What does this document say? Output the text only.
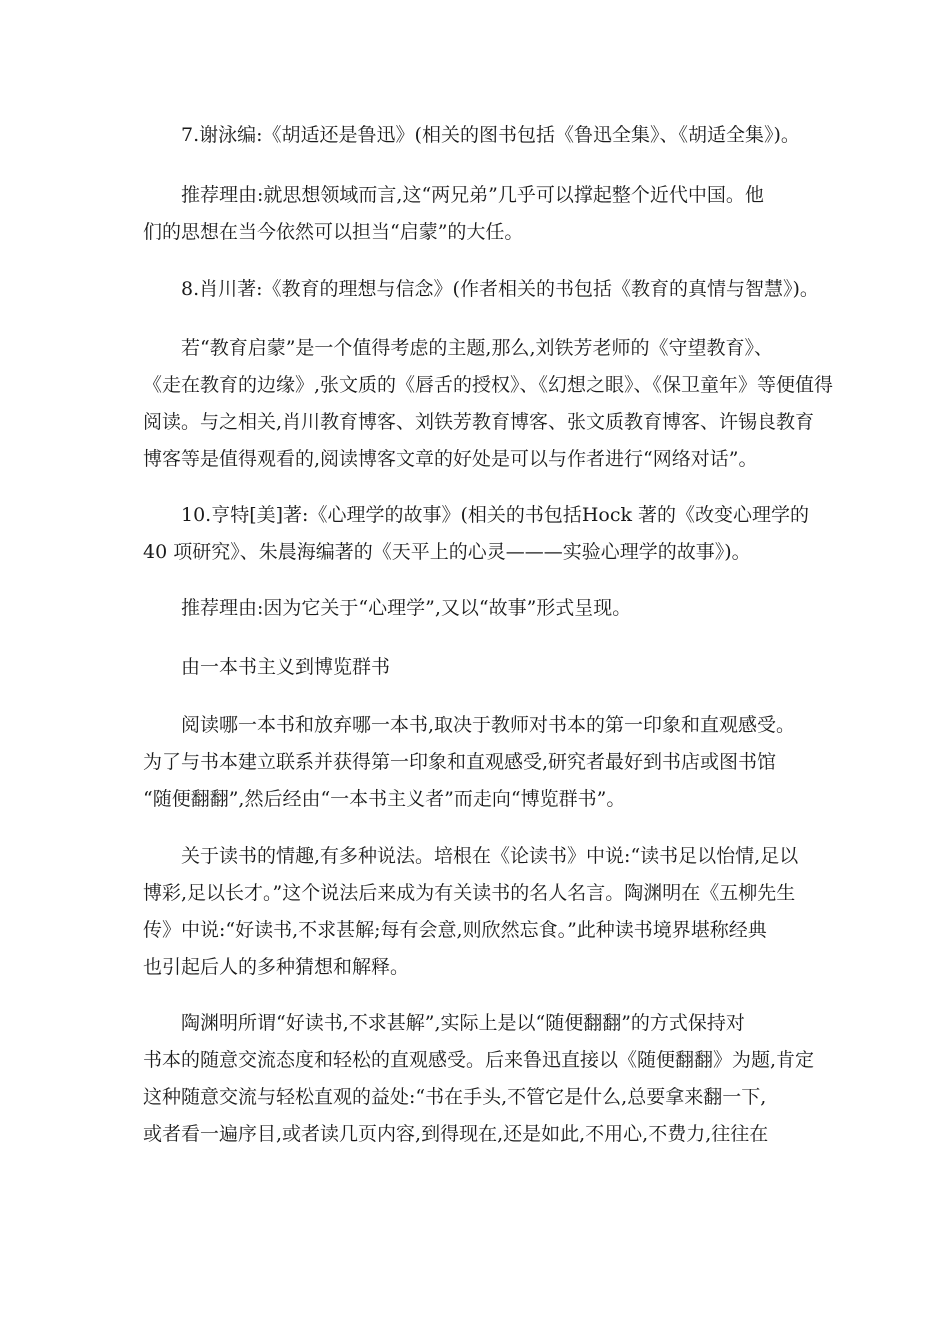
7.谢泳编:《胡适还是鲁迅》(相关的图书包括《鲁迅全集》、《胡适全集》)。
推荐理由:就思想领域而言,这“两兄弟”几乎可以撑起整个近代中国。他
们的思想在当今依然可以担当“启蒙”的大任。
8.肖川著:《教育的理想与信念》(作者相关的书包括《教育的真情与智慧》)。
若“教育启蒙”是一个值得考虑的主题,那么,刘铁芳老师的《守望教育》、
《走在教育的边缘》,张文质的《唇舌的授权》、《幻想之眼》、《保卫童年》等便值得
阅读。与之相关,肖川教育博客、刘铁芳教育博客、张文质教育博客、许锡良教育
博客等是值得观看的,阅读博客文章的好处是可以与作者进行“网络对话”。
10.亨特[美]著:《心理学的故事》(相关的书包括Hock 著的《改变心理学的
40 项研究》、朱晨海编著的《天平上的心灵———实验心理学的故事》)。
推荐理由:因为它关于“心理学”,又以“故事”形式呈现。
由一本书主义到博览群书
阅读哪一本书和放弃哪一本书,取决于教师对书本的第一印象和直观感受。
为了与书本建立联系并获得第一印象和直观感受,研究者最好到书店或图书馆
“随便翻翻”,然后经由“一本书主义者”而走向“博览群书”。
关于读书的情趣,有多种说法。培根在《论读书》中说:“读书足以怡情,足以
博彩,足以长才。”这个说法后来成为有关读书的名人名言。陶渊明在《五柳先生
传》中说:“好读书,不求甚解;每有会意,则欣然忘食。”此种读书境界堪称经典
也引起后人的多种猜想和解释。
陶渊明所谓“好读书,不求甚解”,实际上是以“随便翻翻”的方式保持对
书本的随意交流态度和轻松的直观感受。后来鲁迅直接以《随便翻翻》为题,肯定
这种随意交流与轻松直观的益处:“书在手头,不管它是什么,总要拿来翻一下,
或者看一遍序目,或者读几页内容,到得现在,还是如此,不用心,不费力,往往在
